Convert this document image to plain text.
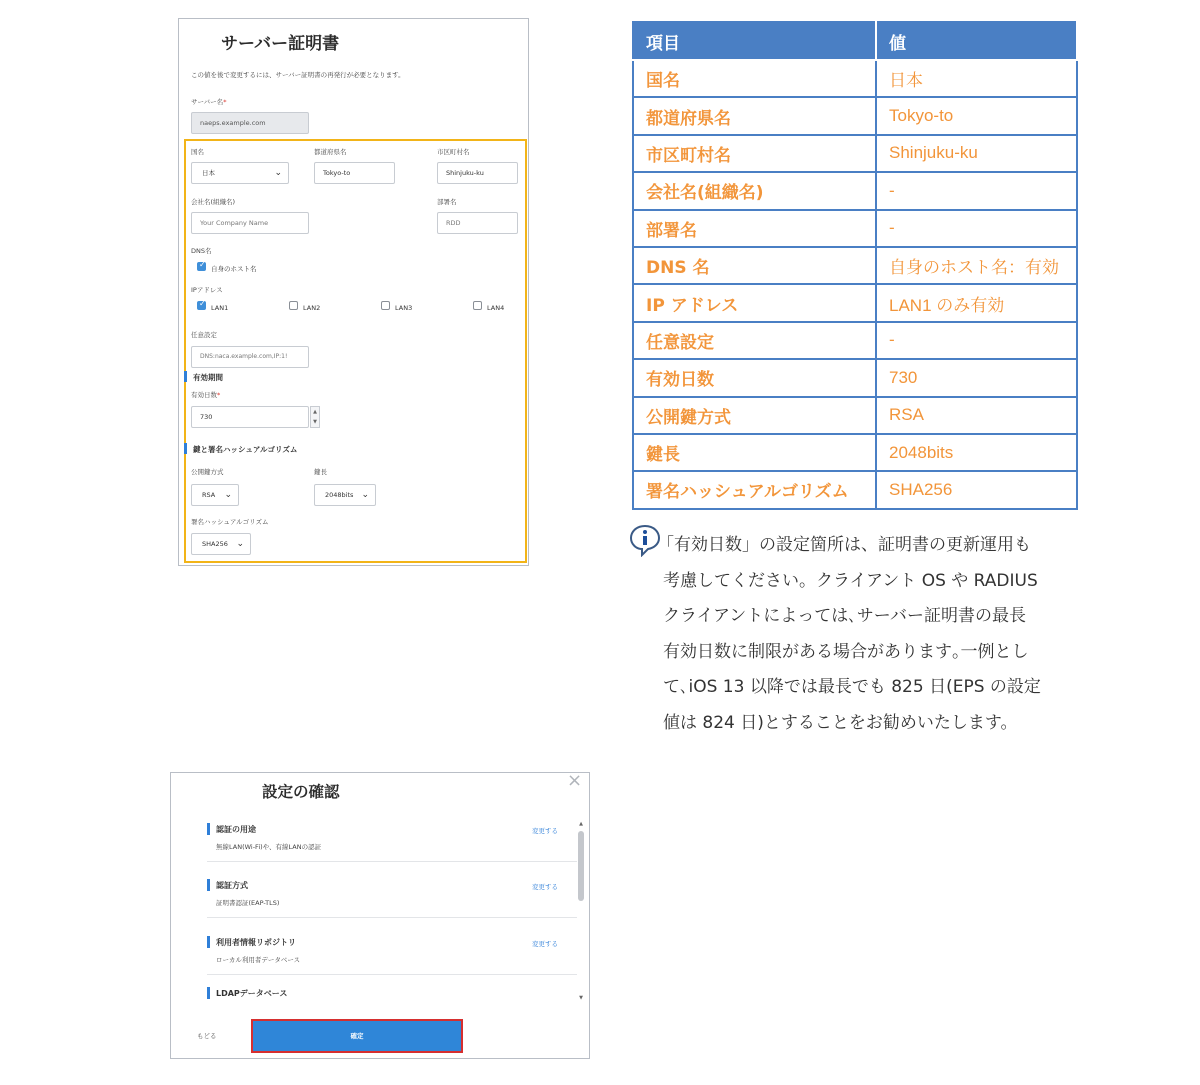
サーバー証明書
この値を後で変更するには、サーバー証明書の再発行が必要となります。
サーバー名*
naeps.example.com
国名
日本	⌄
都道府県名
Tokyo-to
市区町村名
Shinjuku-ku
会社名(組織名)
Your Company Name
部署名
RDD
DNS名
✓
自身のホスト名
IPアドレス
✓
LAN1	LAN2	LAN3	LAN4
任意設定
DNS:naca.example.com,IP:1!
有効期間
有効日数*
730
▲
▼
鍵と署名ハッシュアルゴリズム
公開鍵方式
RSA ⌄
鍵長
2048bits ⌄
署名ハッシュアルゴリズム
SHA256 ⌄
項目	値
国名	日本
都道府県名	Tokyo-to
市区町村名	Shinjuku-ku
会社名(組織名)	-
部署名	-
DNS 名	自身のホスト名：有効
IP アドレス	LAN1 のみ有効
任意設定	-
有効日数	730
公開鍵方式	RSA
鍵長	2048bits
署名ハッシュアルゴリズム	SHA256
「有効日数」の設定箇所は、証明書の更新運用も
考慮してください。クライアント OS や RADIUS
クライアントによっては､サーバー証明書の最長
有効日数に制限がある場合があります｡一例とし
て､iOS 13 以降では最長でも 825 日(EPS の設定
値は 824 日)とすることをお勧めいたします。
設定の確認
×
認証の用途
無線LAN(Wi-Fi)や、有線LANの認証
変更する
認証方式
証明書認証(EAP-TLS)
変更する
利用者情報リポジトリ
ローカル利用者データベース
変更する
LDAPデータベース
▲
▼
もどる	確定
